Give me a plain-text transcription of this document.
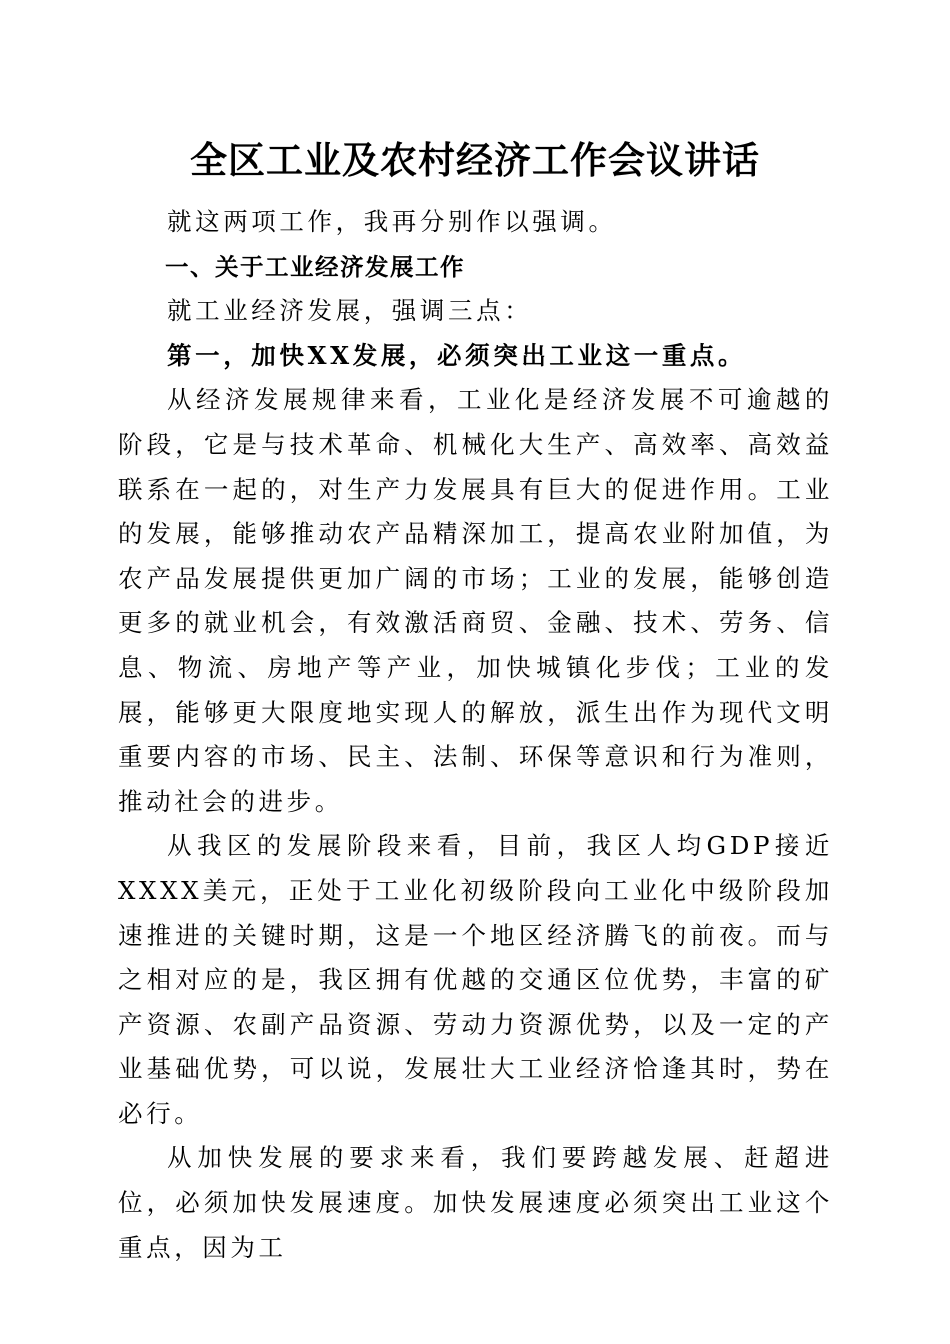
全区工业及农村经济工作会议讲话

就这两项工作，我再分别作以强调。

一、关于工业经济发展工作

就工业经济发展，强调三点：

第一，加快XX发展，必须突出工业这一重点。

从经济发展规律来看，工业化是经济发展不可逾越的阶段，它是与技术革命、机械化大生产、高效率、高效益联系在一起的，对生产力发展具有巨大的促进作用。工业的发展，能够推动农产品精深加工，提高农业附加值，为农产品发展提供更加广阔的市场；工业的发展，能够创造更多的就业机会，有效激活商贸、金融、技术、劳务、信息、物流、房地产等产业，加快城镇化步伐；工业的发展，能够更大限度地实现人的解放，派生出作为现代文明重要内容的市场、民主、法制、环保等意识和行为准则，推动社会的进步。

从我区的发展阶段来看，目前，我区人均GDP接近XXXX美元，正处于工业化初级阶段向工业化中级阶段加速推进的关键时期，这是一个地区经济腾飞的前夜。而与之相对应的是，我区拥有优越的交通区位优势，丰富的矿产资源、农副产品资源、劳动力资源优势，以及一定的产业基础优势，可以说，发展壮大工业经济恰逢其时，势在必行。

从加快发展的要求来看，我们要跨越发展、赶超进位，必须加快发展速度。加快发展速度必须突出工业这个重点，因为工
